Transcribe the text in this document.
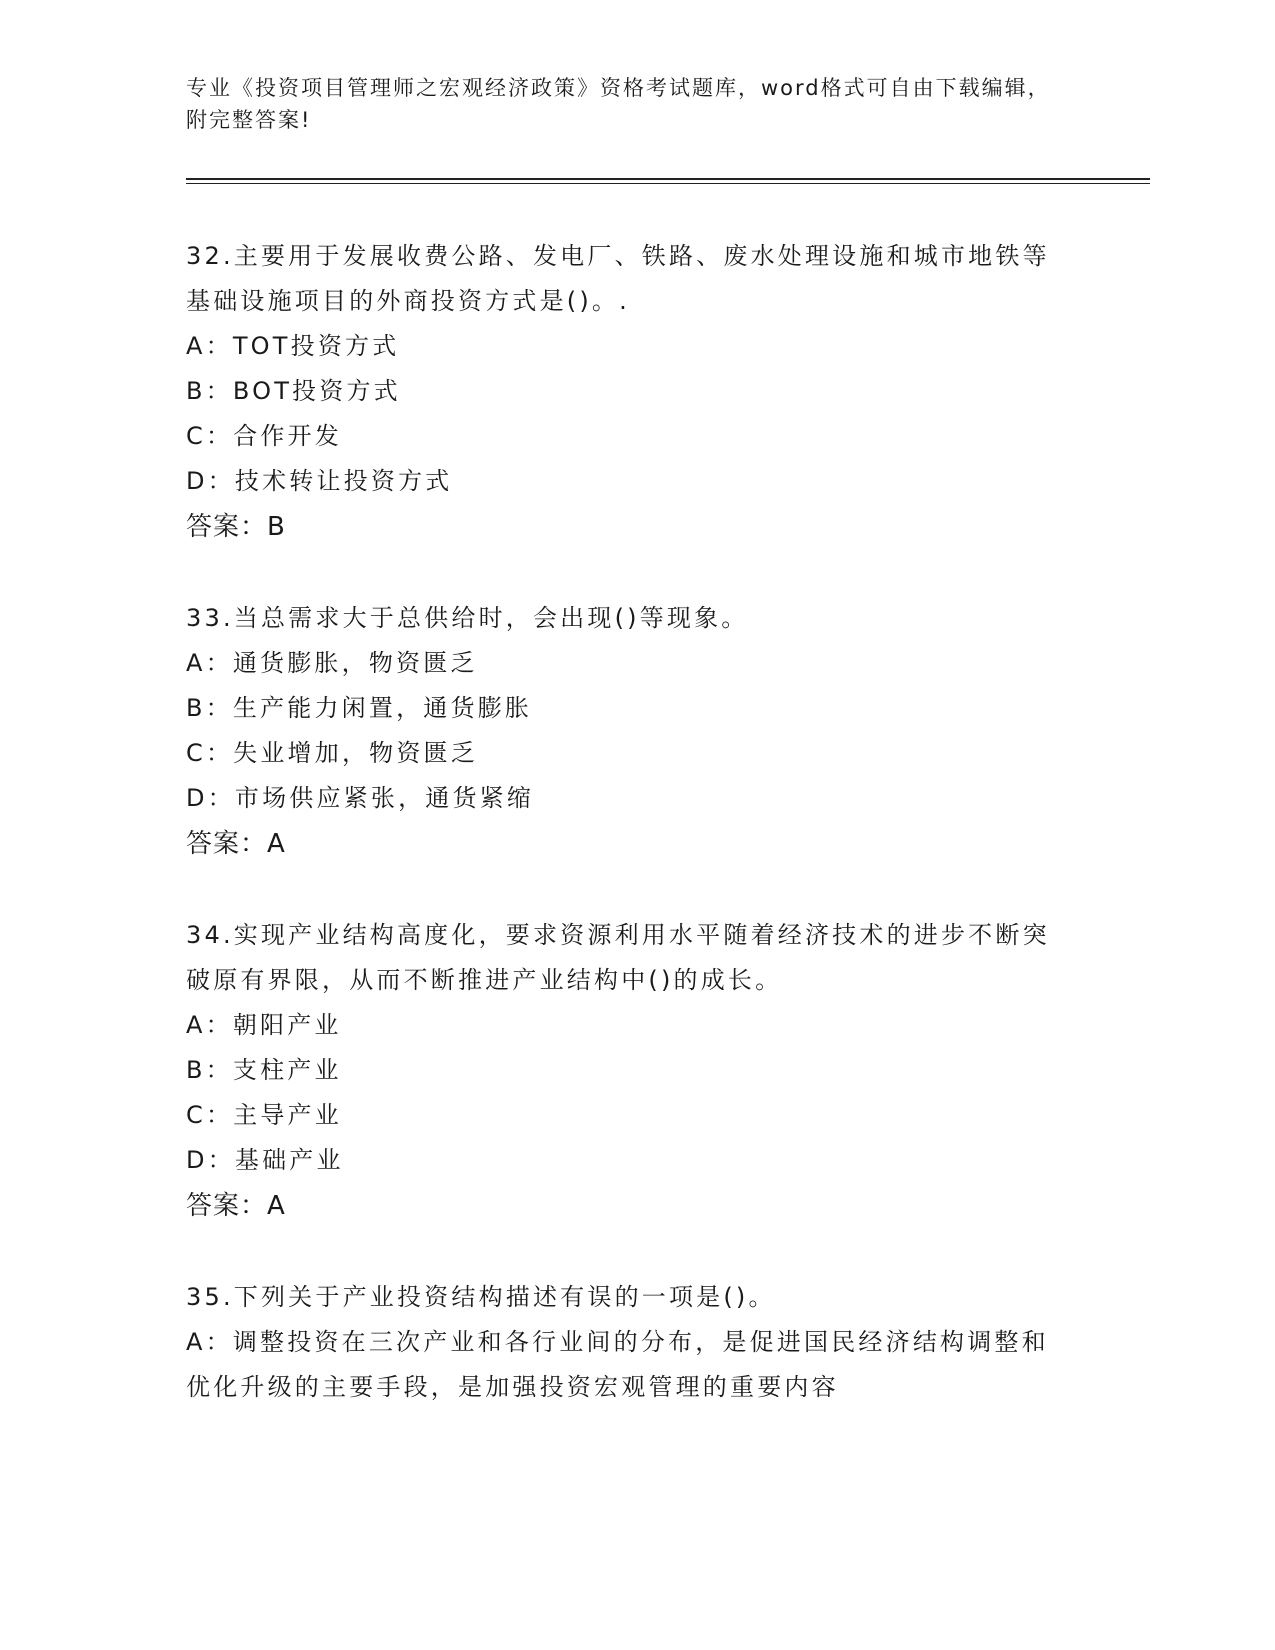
专业《投资项目管理师之宏观经济政策》资格考试题库，word格式可自由下载编辑，附完整答案!
32.主要用于发展收费公路、发电厂、铁路、废水处理设施和城市地铁等基础设施项目的外商投资方式是()。.
A：TOT投资方式
B：BOT投资方式
C：合作开发
D：技术转让投资方式
答案：B
33.当总需求大于总供给时，会出现()等现象。
A：通货膨胀，物资匮乏
B：生产能力闲置，通货膨胀
C：失业增加，物资匮乏
D：市场供应紧张，通货紧缩
答案：A
34.实现产业结构高度化，要求资源利用水平随着经济技术的进步不断突破原有界限，从而不断推进产业结构中()的成长。
A：朝阳产业
B：支柱产业
C：主导产业
D：基础产业
答案：A
35.下列关于产业投资结构描述有误的一项是()。
A：调整投资在三次产业和各行业间的分布，是促进国民经济结构调整和优化升级的主要手段，是加强投资宏观管理的重要内容
